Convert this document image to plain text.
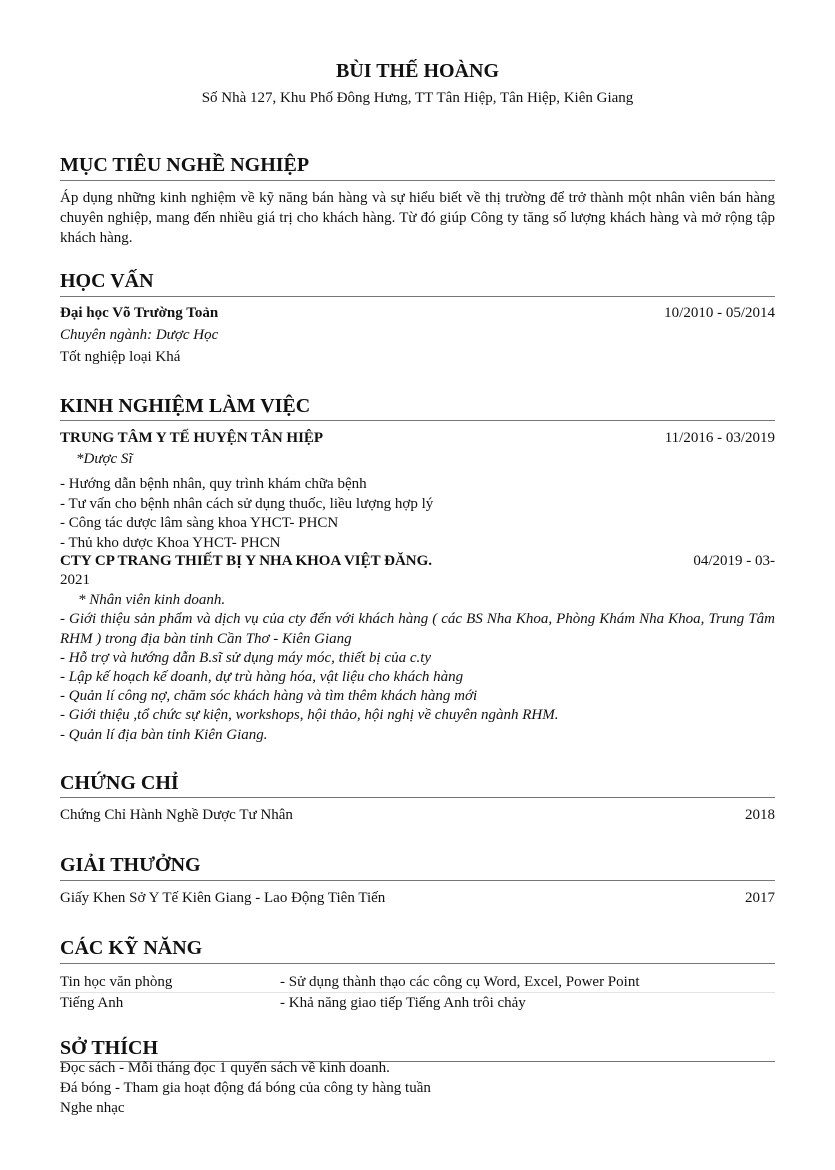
BÙI THẾ HOÀNG
Số Nhà 127, Khu Phố Đông Hưng, TT Tân Hiệp, Tân Hiệp, Kiên Giang
MỤC TIÊU NGHỀ NGHIỆP
Áp dụng những kinh nghiệm về kỹ năng bán hàng và sự hiểu biết về thị trường để trở thành một nhân viên bán hàng chuyên nghiệp, mang đến nhiều giá trị cho khách hàng. Từ đó giúp Công ty tăng số lượng khách hàng và mở rộng tập khách hàng.
HỌC VẤN
Đại học Võ Trường Toản	10/2010 - 05/2014
Chuyên ngành: Dược Học
Tốt nghiệp loại Khá
KINH NGHIỆM LÀM VIỆC
TRUNG TÂM Y TẾ HUYỆN TÂN HIỆP	11/2016 - 03/2019
*Dược Sĩ
- Hướng dẫn bệnh nhân, quy trình khám chữa bệnh
- Tư vấn cho bệnh nhân cách sử dụng thuốc, liều lượng hợp lý
- Công tác dược lâm sàng khoa YHCT- PHCN
- Thủ kho dược Khoa YHCT- PHCN
CTY CP TRANG THIẾT BỊ Y NHA KHOA VIỆT ĐĂNG.	04/2019 - 03-
2021
* Nhân viên kinh doanh.
- Giới thiệu sản phẩm và dịch vụ của cty đến với khách hàng ( các BS Nha Khoa, Phòng Khám Nha Khoa, Trung Tâm RHM ) trong địa bàn tỉnh Cần Thơ - Kiên Giang
- Hỗ trợ và hướng dẫn B.sĩ sử dụng máy móc, thiết bị của c.ty
- Lập kế hoạch kế doanh, dự trù hàng hóa, vật liệu cho khách hàng
- Quản lí công nợ, chăm sóc khách hàng và tìm thêm khách hàng mới
- Giới thiệu ,tổ chức sự kiện, workshops, hội thảo, hội nghị về chuyên ngành RHM.
- Quản lí địa bàn tỉnh Kiên Giang.
CHỨNG CHỈ
Chứng Chỉ Hành Nghề Dược Tư Nhân	2018
GIẢI THƯỞNG
Giấy Khen Sở Y Tế Kiên Giang - Lao Động Tiên Tiến	2017
CÁC KỸ NĂNG
Tin học văn phòng	- Sử dụng thành thạo các công cụ Word, Excel, Power Point
Tiếng Anh	- Khả năng giao tiếp Tiếng Anh trôi chảy
SỞ THÍCH
Đọc sách - Mỗi tháng đọc 1 quyển sách về kinh doanh.
Đá bóng - Tham gia hoạt động đá bóng của công ty hàng tuần
Nghe nhạc
